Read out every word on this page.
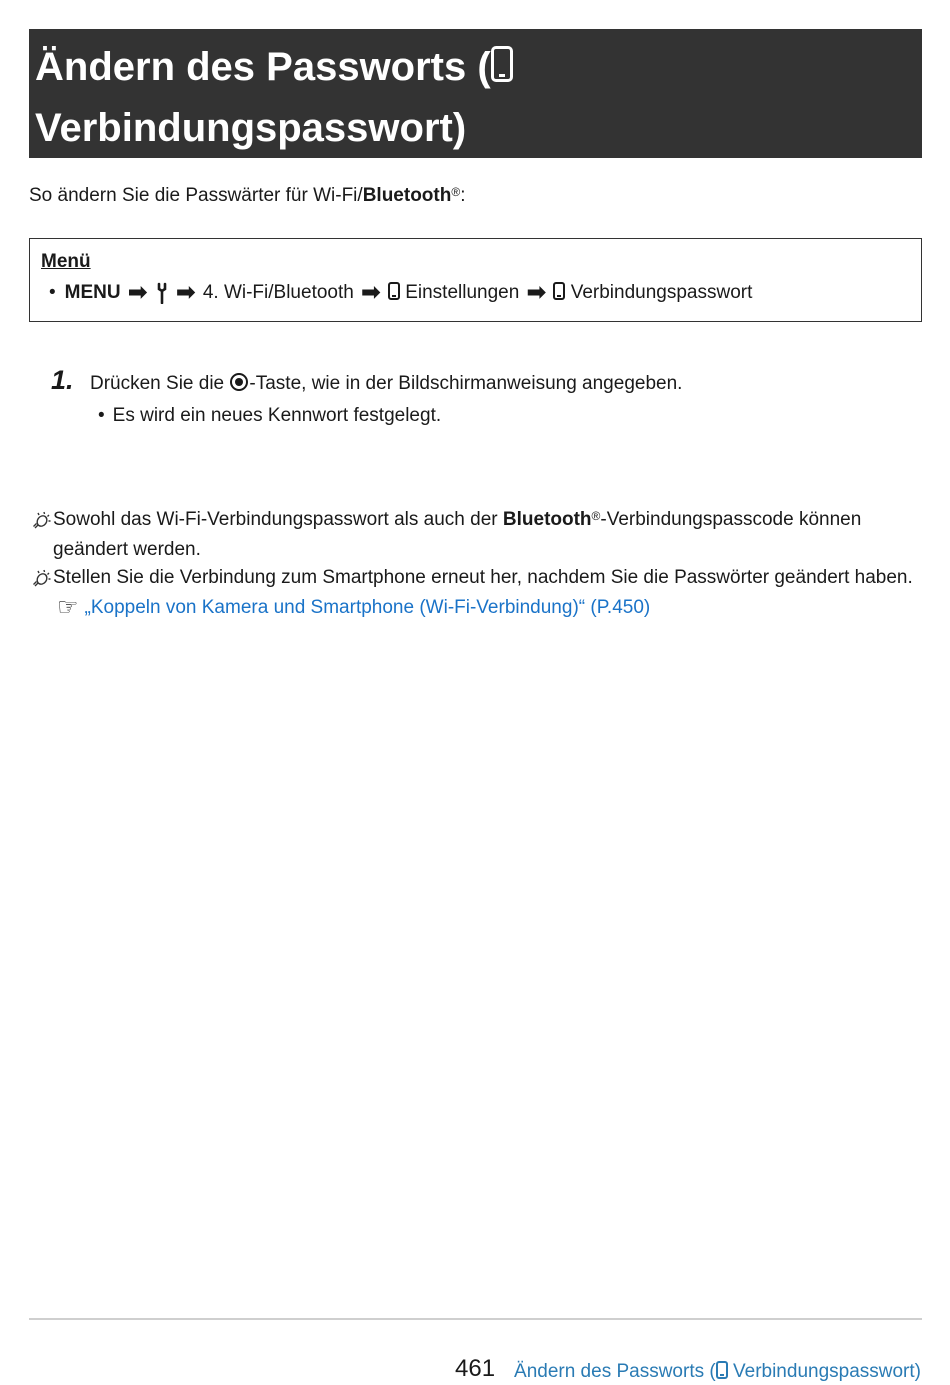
Ändern des Passworts (
Verbindungspasswort)
So ändern Sie die Passwärter für Wi-Fi/Bluetooth®:
Menü
• MENU ➡ ➡ 4. Wi-Fi/Bluetooth ➡
Einstellungen ➡
Verbindungspasswort
1. Drücken Sie die -Taste, wie in der Bildschirmanweisung angegeben.
• Es wird ein neues Kennwort festgelegt.
Sowohl das Wi-Fi-Verbindungspasswort als auch der Bluetooth®-Verbindungspasscode können geändert werden.
Stellen Sie die Verbindung zum Smartphone erneut her, nachdem Sie die Passwörter geändert haben.☞ „Koppeln von Kamera und Smartphone (Wi-Fi-Verbindung)“ (P.450)
461 Ändern des Passworts ( Verbindungspasswort)
